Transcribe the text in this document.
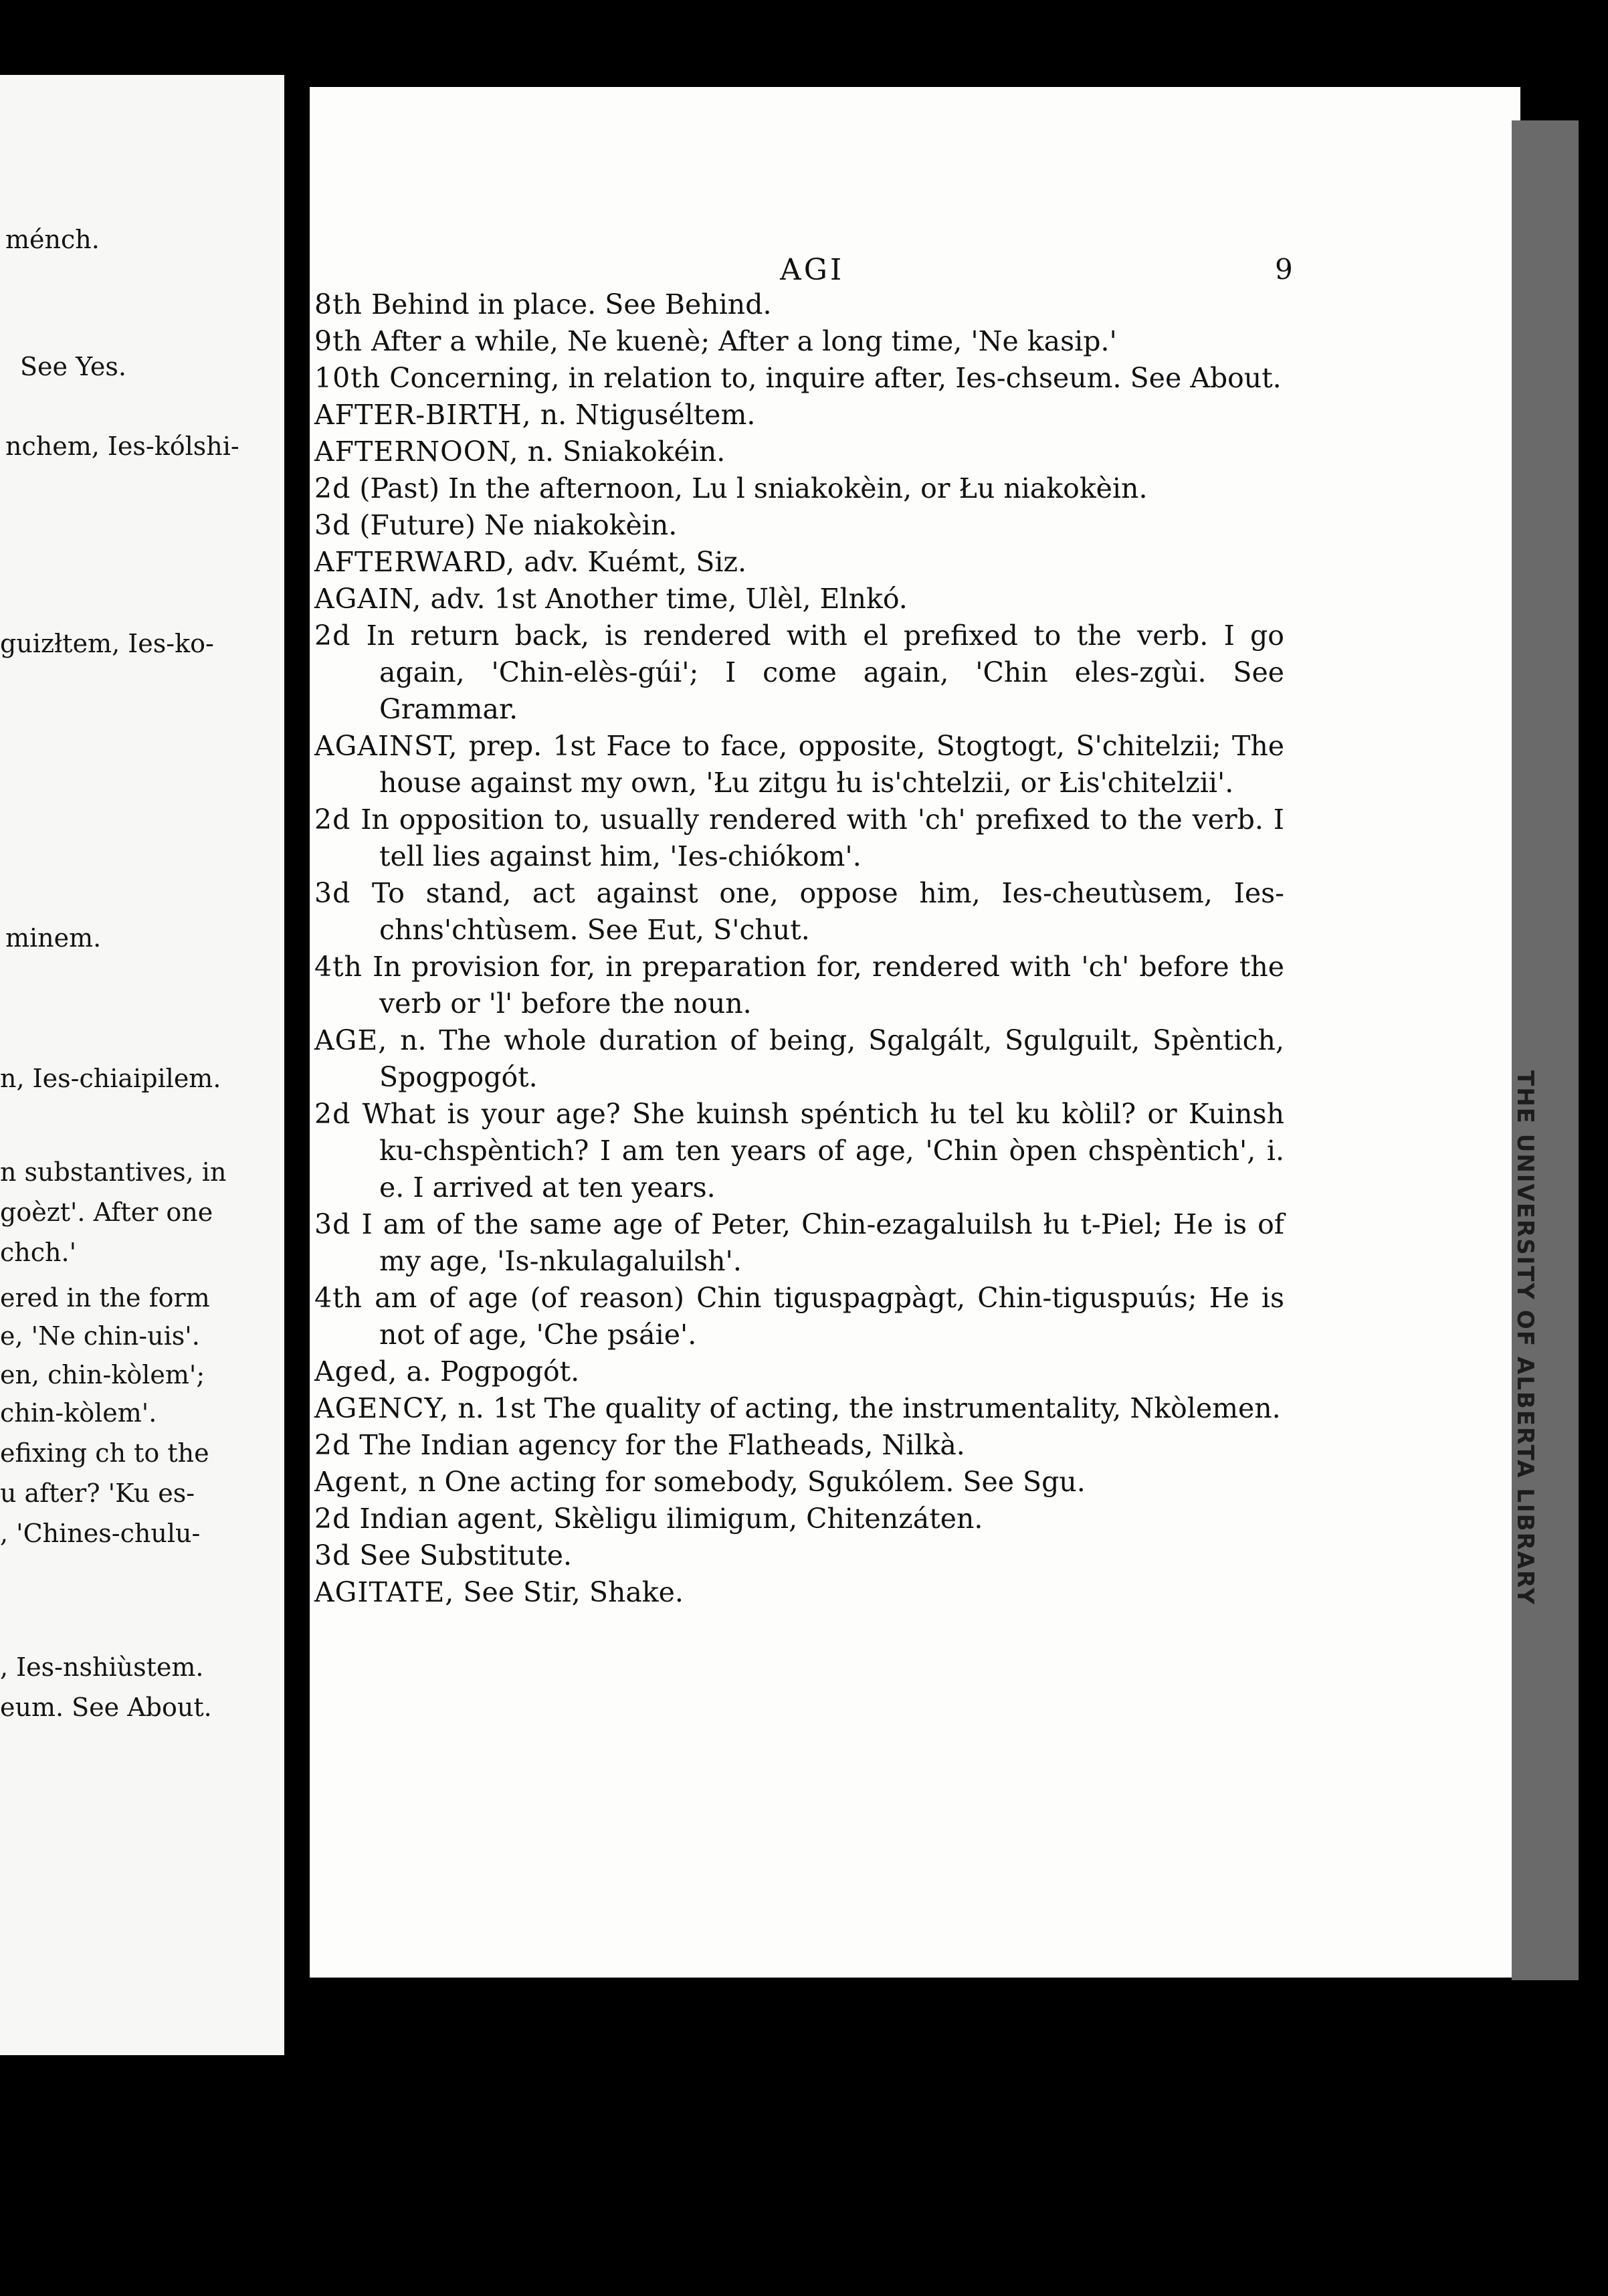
ménch.
See Yes.
nchem, Ies-kólshi-
guizłtem, Ies-ko-
minem.
n, Ies-chiaipilem.
n substantives, in
goèzt'. After one
chch.'
ered in the form
e, 'Ne chin-uis'.
en, chin-kòlem';
chin-kòlem'.
efixing ch to the
u after? 'Ku es-
, 'Chines-chulu-
, Ies-nshiùstem.
eum. See About.
THE UNIVERSITY OF ALBERTA LIBRARY
AGI	9

8th Behind in place. See Behind.

9th After a while, Ne kuenè; After a long time, 'Ne kasip.'

10th Concerning, in relation to, inquire after, Ies-chseum. See About.

AFTER-BIRTH, n. Ntiguséltem.

AFTERNOON, n. Sniakokéin.

2d (Past) In the afternoon, Lu l sniakokèin, or Łu niakokèin.

3d (Future) Ne niakokèin.

AFTERWARD, adv. Kuémt, Siz.

AGAIN, adv. 1st Another time, Ulèl, Elnkó.

2d In return back, is rendered with el prefixed to the verb. I go again, 'Chin-elès-gúi'; I come again, 'Chin eles-zgùi. See Grammar.

AGAINST, prep. 1st Face to face, opposite, Stogtogt, S'chitelzii; The house against my own, 'Łu zitgu łu is'chtelzii, or Łis'chitelzii'.

2d In opposition to, usually rendered with 'ch' prefixed to the verb. I tell lies against him, 'Ies-chiókom'.

3d To stand, act against one, oppose him, Ies-cheutùsem, Ies-chns'chtùsem. See Eut, S'chut.

4th In provision for, in preparation for, rendered with 'ch' before the verb or 'l' before the noun.

AGE, n. The whole duration of being, Sgalgált, Sgulguilt, Spèntich, Spogpogót.

2d What is your age? She kuinsh spéntich łu tel ku kòlil? or Kuinsh ku-chspèntich? I am ten years of age, 'Chin òpen chspèntich', i. e. I arrived at ten years.

3d I am of the same age of Peter, Chin-ezagaluilsh łu t-Piel; He is of my age, 'Is-nkulagaluilsh'.

4th am of age (of reason) Chin tiguspagpàgt, Chin-tiguspuús; He is not of age, 'Che psáie'.

Aged, a. Pogpogót.

AGENCY, n. 1st The quality of acting, the instrumentality, Nkòlemen.

2d The Indian agency for the Flatheads, Nilkà.

Agent, n One acting for somebody, Sgukólem. See Sgu.

2d Indian agent, Skèligu ilimigum, Chitenzáten.

3d See Substitute.

AGITATE, See Stir, Shake.
